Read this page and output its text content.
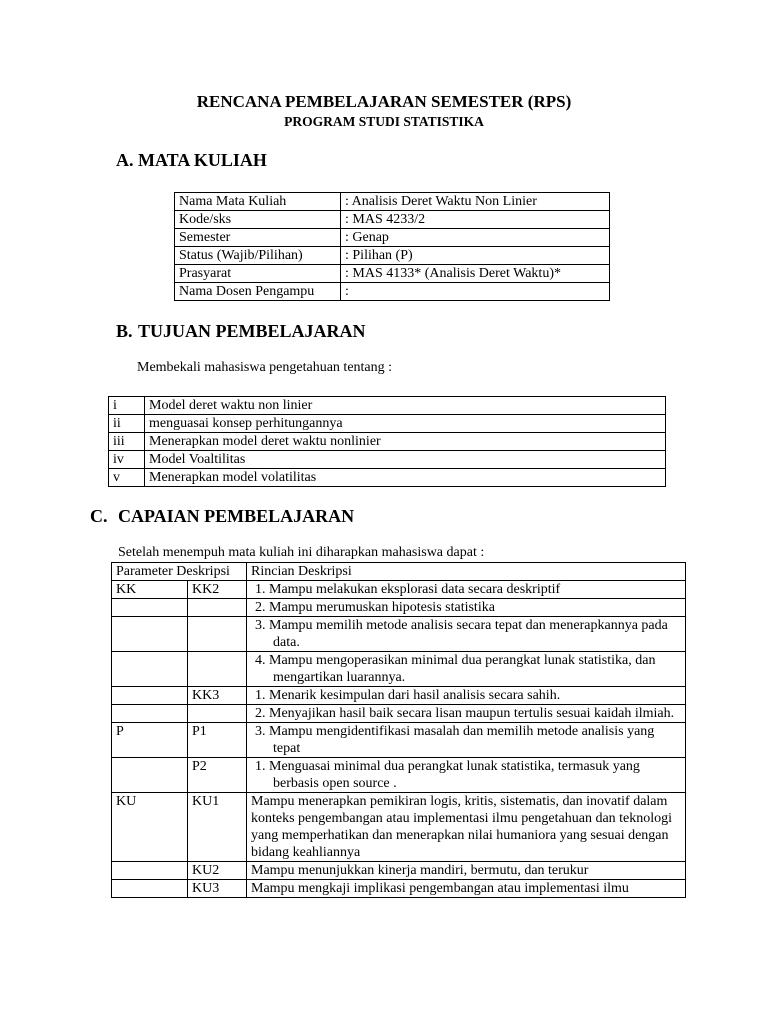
RENCANA PEMBELAJARAN SEMESTER (RPS)
PROGRAM STUDI STATISTIKA
A. MATA KULIAH
Nama Mata Kuliah	: Analisis Deret Waktu Non Linier
Kode/sks	: MAS 4233/2
Semester	: Genap
Status (Wajib/Pilihan)	: Pilihan (P)
Prasyarat	: MAS 4133* (Analisis Deret Waktu)*
Nama Dosen Pengampu	:
B. TUJUAN PEMBELAJARAN
Membekali mahasiswa pengetahuan tentang :
i	Model deret waktu non linier
ii	menguasai konsep perhitungannya
iii	Menerapkan model deret waktu nonlinier
iv	Model Voaltilitas
v	Menerapkan model volatilitas
C. CAPAIAN PEMBELAJARAN
Setelah menempuh mata kuliah ini diharapkan mahasiswa dapat :
Parameter Deskripsi		Rincian Deskripsi
KK	KK2	1. Mampu melakukan eksplorasi data secara deskriptif

		2. Mampu merumuskan hipotesis statistika

		3. Mampu memilih metode analisis secara tepat dan menerapkannya pada data.

		4. Mampu mengoperasikan minimal dua perangkat lunak statistika, dan mengartikan luarannya.

	KK3	1. Menarik kesimpulan dari hasil analisis secara sahih.

		2. Menyajikan hasil baik secara lisan maupun tertulis sesuai kaidah ilmiah.

P	P1	3. Mampu mengidentifikasi masalah dan memilih metode analisis yang tepat

	P2	1. Menguasai minimal dua perangkat lunak statistika, termasuk yang berbasis open source .

KU	KU1	Mampu menerapkan pemikiran logis, kritis, sistematis, dan inovatif dalam konteks pengembangan atau implementasi ilmu pengetahuan dan teknologi yang memperhatikan dan menerapkan nilai humaniora yang sesuai dengan bidang keahliannya
	KU2	Mampu menunjukkan kinerja mandiri, bermutu, dan terukur
	KU3	Mampu mengkaji implikasi pengembangan atau implementasi ilmu
